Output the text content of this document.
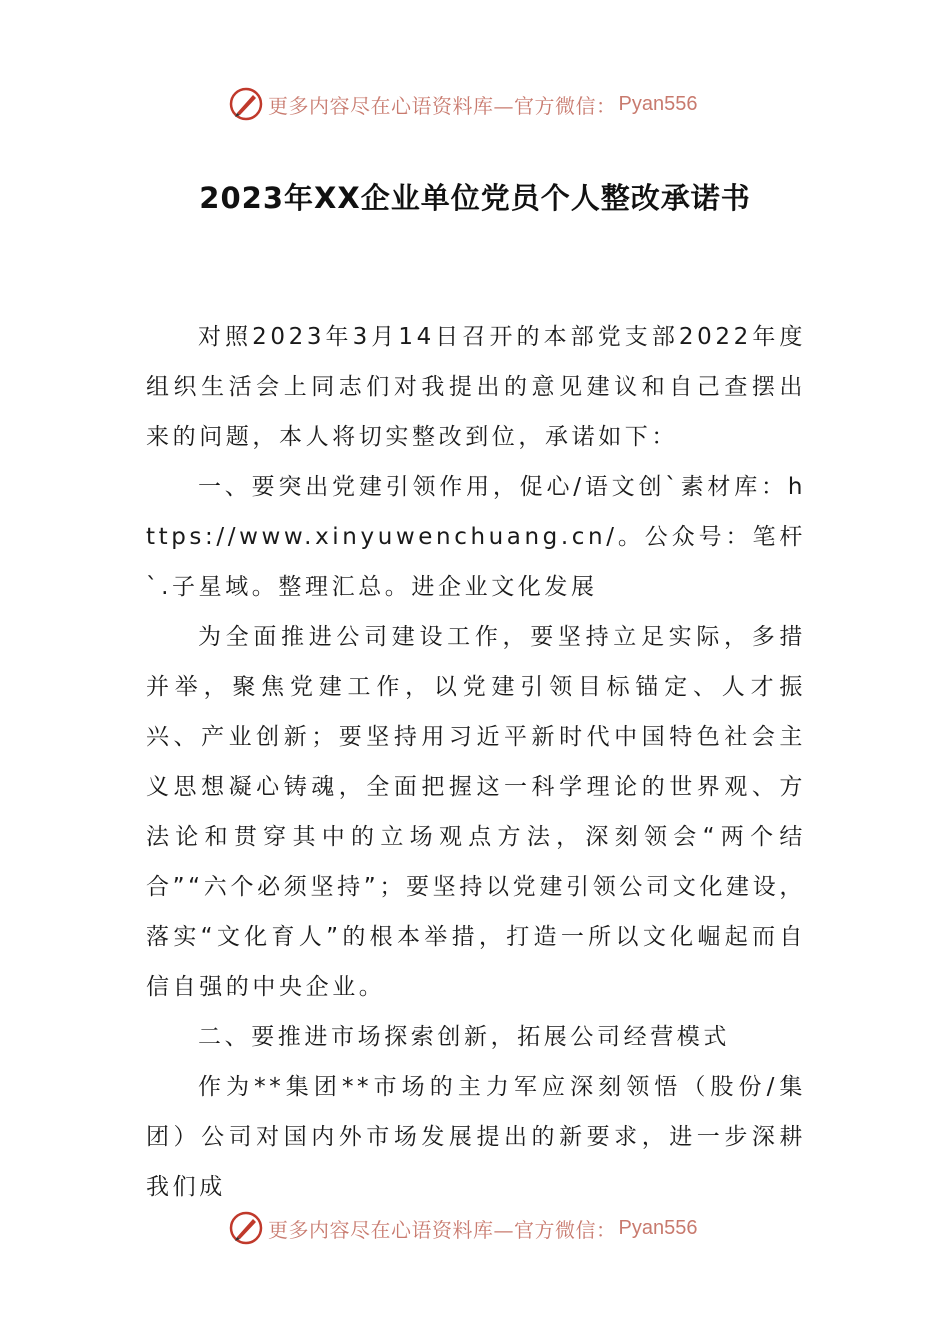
更多内容尽在心语资料库—官方微信： Pyan556
2023年XX企业单位党员个人整改承诺书

对照2023年3月14日召开的本部党支部2022年度组织生活会上同志们对我提出的意见建议和自己查摆出来的问题，本人将切实整改到位，承诺如下：

一、要突出党建引领作用，促心/语文创`素材库：https://www.xinyuwenchuang.cn/。公众号：笔杆`.子星域。整理汇总。进企业文化发展

为全面推进公司建设工作，要坚持立足实际，多措并举，聚焦党建工作，以党建引领目标锚定、人才振兴、产业创新；要坚持用习近平新时代中国特色社会主义思想凝心铸魂，全面把握这一科学理论的世界观、方法论和贯穿其中的立场观点方法，深刻领会“两个结合”“六个必须坚持”；要坚持以党建引领公司文化建设，落实“文化育人”的根本举措，打造一所以文化崛起而自信自强的中央企业。

二、要推进市场探索创新，拓展公司经营模式

作为**集团**市场的主力军应深刻领悟（股份/集团）公司对国内外市场发展提出的新要求，进一步深耕我们成

更多内容尽在心语资料库—官方微信： Pyan556
